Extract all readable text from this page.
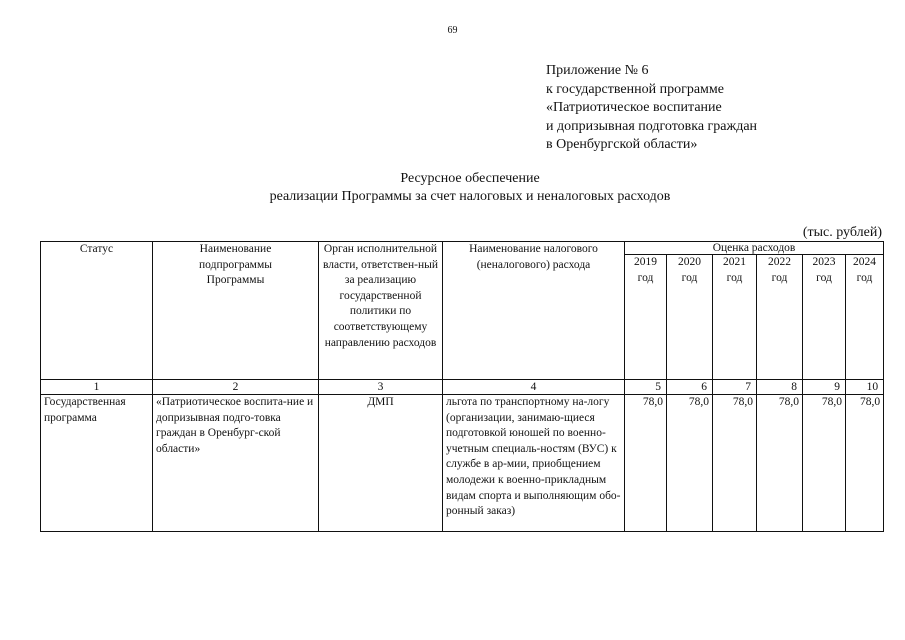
69
Приложение № 6
к государственной программе
«Патриотическое воспитание
и допризывная подготовка граждан
в Оренбургской области»
Ресурсное обеспечение
реализации Программы за счет налоговых и неналоговых расходов
(тыс. рублей)
Статус	Наименование подпрограммы Программы	Орган исполнительной власти, ответствен-ный за реализацию государственной политики по соответствующему направлению расходов	Наименование налогового (неналогового) расхода	Оценка расходов					
				2019 год	2020 год	2021 год	2022 год	2023 год	2024 год
1	2	3	4	5	6	7	8	9	10
Государственная программа	«Патриотическое воспита-ние и допризывная подго-товка граждан в Оренбург-ской области»	ДМП	льгота по транспортному на-логу (организации, занимаю-щиеся подготовкой юношей по военно-учетным специаль-ностям (ВУС) к службе в ар-мии, приобщением молодежи к военно-прикладным видам спорта и выполняющим обо-ронный заказ)	78,0	78,0	78,0	78,0	78,0	78,0
